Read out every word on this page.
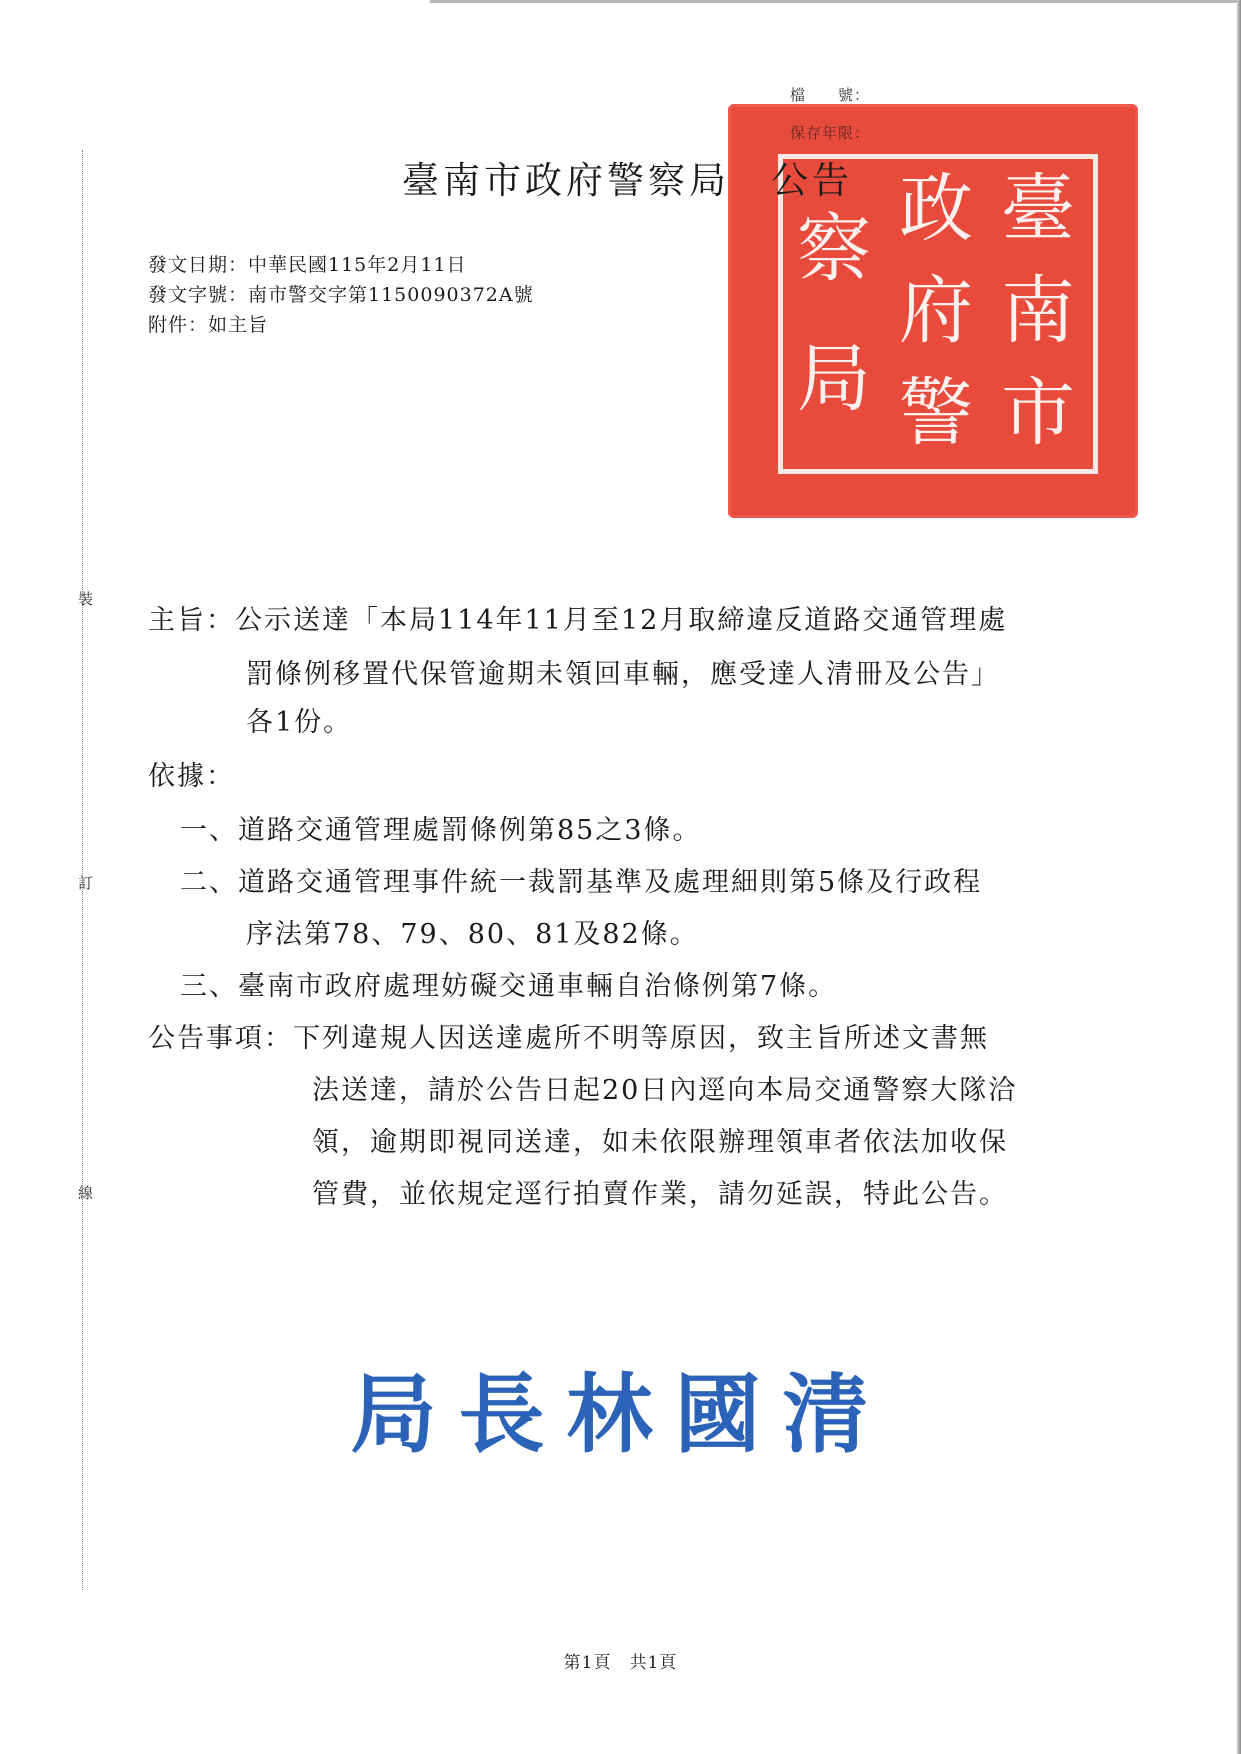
裝
訂
線
檔　　號：
臺
南
市
政
府
警
察
局
保存年限：
臺南市政府警察局　公告
發文日期：中華民國115年2月11日
發文字號：南市警交字第1150090372A號
附件：如主旨
主旨：公示送達「本局114年11月至12月取締違反道路交通管理處
罰條例移置代保管逾期未領回車輛，應受達人清冊及公告」
各1份。
依據：
一、道路交通管理處罰條例第85之3條。
二、道路交通管理事件統一裁罰基準及處理細則第5條及行政程
序法第78、79、80、81及82條。
三、臺南市政府處理妨礙交通車輛自治條例第7條。
公告事項：下列違規人因送達處所不明等原因，致主旨所述文書無
法送達，請於公告日起20日內逕向本局交通警察大隊洽
領，逾期即視同送達，如未依限辦理領車者依法加收保
管費，並依規定逕行拍賣作業，請勿延誤，特此公告。
局長林國清
第1頁　共1頁
